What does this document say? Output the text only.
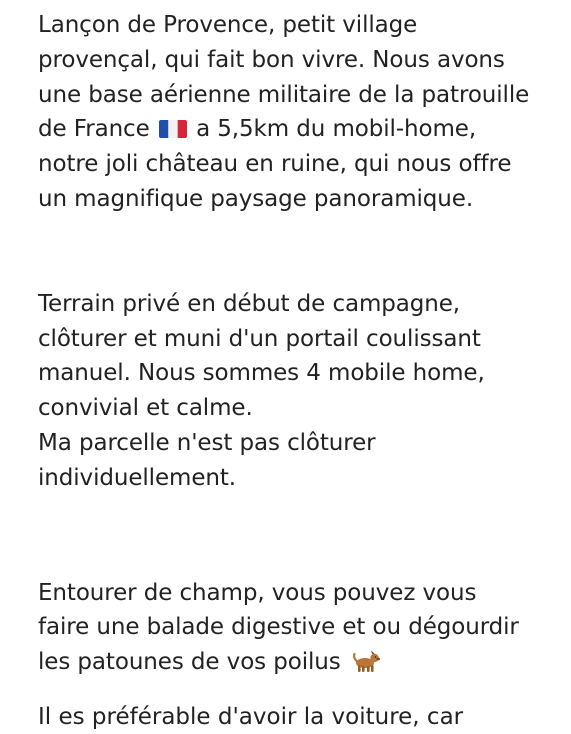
Lançon de Provence, petit village
provençal, qui fait bon vivre. Nous avons
une base aérienne militaire de la patrouille
de France
a 5,5km du mobil-home,
notre joli château en ruine, qui nous offre
un magnifique paysage panoramique.
Terrain privé en début de campagne,
clôturer et muni d'un portail coulissant
manuel. Nous sommes 4 mobile home,
convivial et calme.
Ma parcelle n'est pas clôturer
individuellement.
Entourer de champ, vous pouvez vous
faire une balade digestive et ou dégourdir
les patounes de vos poilus
Il es préférable d'avoir la voiture, car
